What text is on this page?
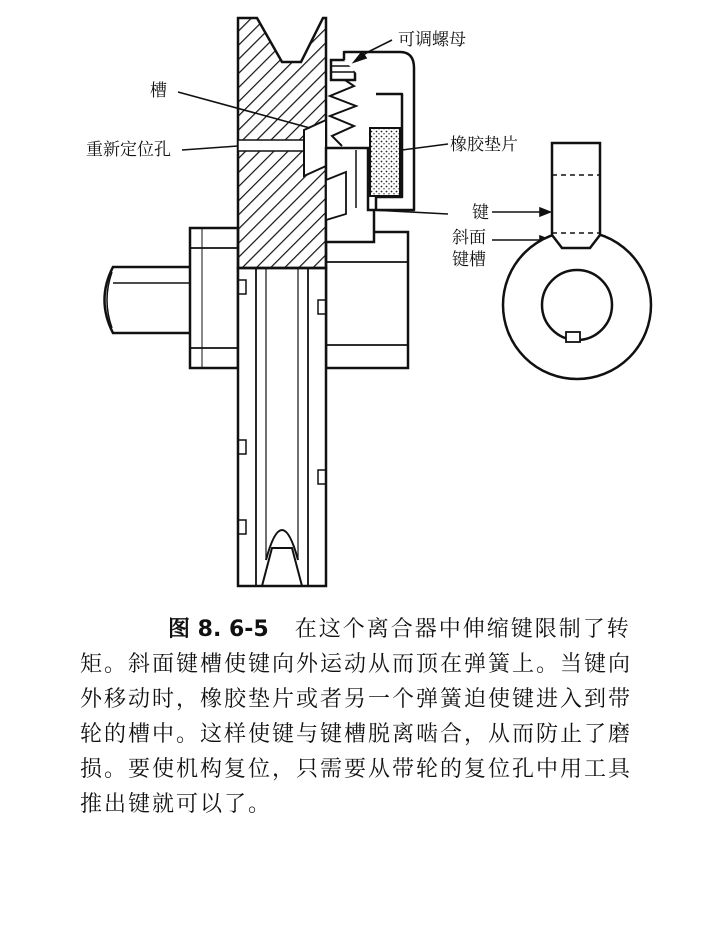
可调螺母
槽
重新定位孔	橡胶垫片
键
斜面
键槽

图 8. 6-5 在这个离合器中伸缩键限制了转矩。斜面键槽使键向外运动从而顶在弹簧上。当键向外移动时，橡胶垫片或者另一个弹簧迫使键进入到带轮的槽中。这样使键与键槽脱离啮合，从而防止了磨损。要使机构复位，只需要从带轮的复位孔中用工具推出键就可以了。
